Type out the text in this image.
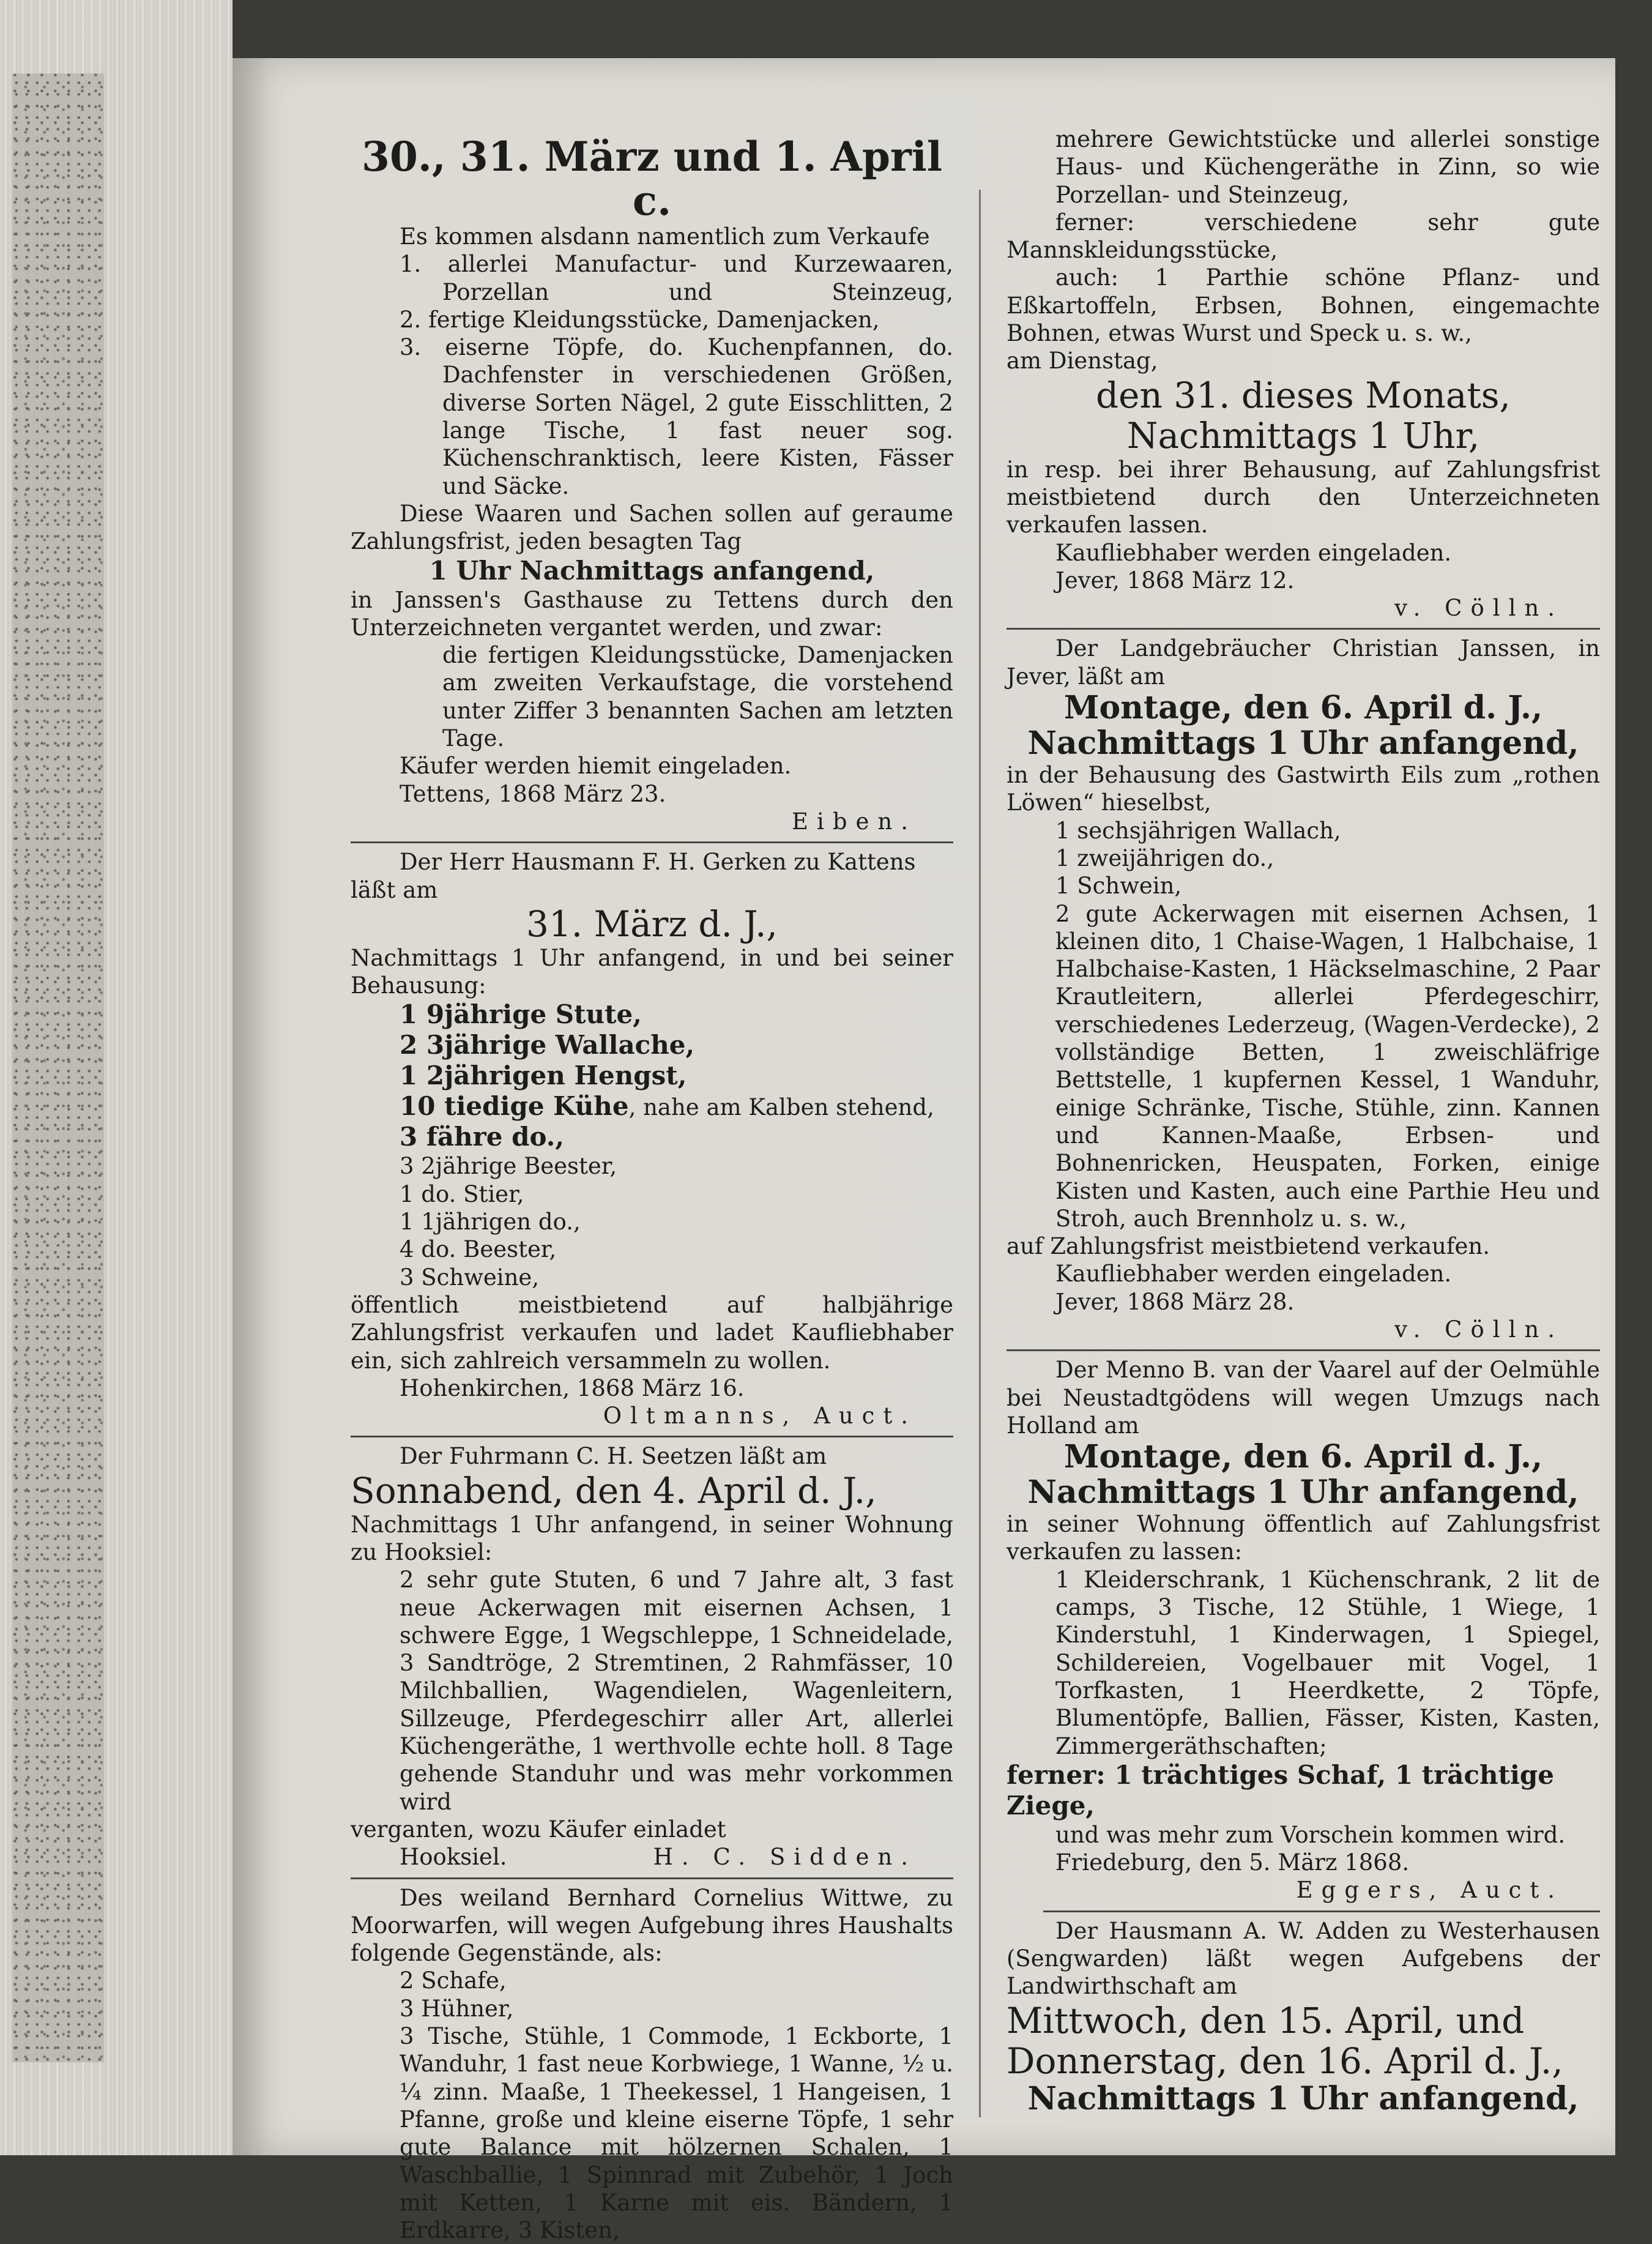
30., 31. März und 1. April c.

Es kommen alsdann namentlich zum Verkaufe

1. allerlei Manufactur- und Kurzewaaren, Porzellan und Steinzeug,

2. fertige Kleidungsstücke, Damenjacken,

3. eiserne Töpfe, do. Kuchenpfannen, do. Dachfenster in verschiedenen Größen, diverse Sorten Nägel, 2 gute Eisschlitten, 2 lange Tische, 1 fast neuer sog. Küchenschranktisch, leere Kisten, Fässer und Säcke.

Diese Waaren und Sachen sollen auf geraume Zahlungsfrist, jeden besagten Tag

1 Uhr Nachmittags anfangend,

in Janssen's Gasthause zu Tettens durch den Unterzeichneten vergantet werden, und zwar:

die fertigen Kleidungsstücke, Damenjacken am zweiten Verkaufstage, die vorstehend unter Ziffer 3 benannten Sachen am letzten Tage.

Käufer werden hiemit eingeladen.

Tettens, 1868 März 23.

Eiben.

Der Herr Hausmann F. H. Gerken zu Kattens

läßt am

31. März d. J.,

Nachmittags 1 Uhr anfangend, in und bei seiner Behausung:

1 9jährige Stute,

2 3jährige Wallache,

1 2jährigen Hengst,

10 tiedige Kühe, nahe am Kalben stehend,

3 fähre do.,

3 2jährige Beester,

1 do. Stier,

1 1jährigen do.,

4 do. Beester,

3 Schweine,

öffentlich meistbietend auf halbjährige Zahlungsfrist verkaufen und ladet Kaufliebhaber ein, sich zahlreich versammeln zu wollen.

Hohenkirchen, 1868 März 16.

Oltmanns, Auct.

Der Fuhrmann C. H. Seetzen läßt am

Sonnabend, den 4. April d. J.,

Nachmittags 1 Uhr anfangend, in seiner Wohnung zu Hooksiel:

2 sehr gute Stuten, 6 und 7 Jahre alt, 3 fast neue Ackerwagen mit eisernen Achsen, 1 schwere Egge, 1 Wegschleppe, 1 Schneidelade, 3 Sandtröge, 2 Stremtinen, 2 Rahmfässer, 10 Milchballien, Wagendielen, Wagenleitern, Sillzeuge, Pferdegeschirr aller Art, allerlei Küchengeräthe, 1 werthvolle echte holl. 8 Tage gehende Standuhr und was mehr vorkommen wird

verganten, wozu Käufer einladet

Hooksiel.	H. C. Sidden.

Des weiland Bernhard Cornelius Wittwe, zu Moorwarfen, will wegen Aufgebung ihres Haushalts folgende Gegenstände, als:

2 Schafe,

3 Hühner,

3 Tische, Stühle, 1 Commode, 1 Eckborte, 1 Wanduhr, 1 fast neue Korbwiege, 1 Wanne, ½ u. ¼ zinn. Maaße, 1 Theekessel, 1 Hangeisen, 1 Pfanne, große und kleine eiserne Töpfe, 1 sehr gute Balance mit hölzernen Schalen, 1 Waschballie, 1 Spinnrad mit Zubehör, 1 Joch mit Ketten, 1 Karne mit eis. Bändern, 1 Erdkarre, 3 Kisten,

mehrere Gewichtstücke und allerlei sonstige Haus- und Küchengeräthe in Zinn, so wie Porzellan- und Steinzeug,

ferner: verschiedene sehr gute Mannskleidungsstücke,

auch: 1 Parthie schöne Pflanz- und Eßkartoffeln, Erbsen, Bohnen, eingemachte Bohnen, etwas Wurst und Speck u. s. w.,

am Dienstag,

den 31. dieses Monats,

Nachmittags 1 Uhr,

in resp. bei ihrer Behausung, auf Zahlungsfrist meistbietend durch den Unterzeichneten verkaufen lassen.

Kaufliebhaber werden eingeladen.

Jever, 1868 März 12.

v. Cölln.

Der Landgebräucher Christian Janssen, in Jever, läßt am

Montage, den 6. April d. J.,

Nachmittags 1 Uhr anfangend,

in der Behausung des Gastwirth Eils zum „rothen Löwen“ hieselbst,

1 sechsjährigen Wallach,

1 zweijährigen do.,

1 Schwein,

2 gute Ackerwagen mit eisernen Achsen, 1 kleinen dito, 1 Chaise-Wagen, 1 Halbchaise, 1 Halbchaise-Kasten, 1 Häckselmaschine, 2 Paar Krautleitern, allerlei Pferdegeschirr, verschiedenes Lederzeug, (Wagen-Verdecke), 2 vollständige Betten, 1 zweischläfrige Bettstelle, 1 kupfernen Kessel, 1 Wanduhr, einige Schränke, Tische, Stühle, zinn. Kannen und Kannen-Maaße, Erbsen- und Bohnenricken, Heuspaten, Forken, einige Kisten und Kasten, auch eine Parthie Heu und Stroh, auch Brennholz u. s. w.,

auf Zahlungsfrist meistbietend verkaufen.

Kaufliebhaber werden eingeladen.

Jever, 1868 März 28.

v. Cölln.

Der Menno B. van der Vaarel auf der Oelmühle bei Neustadtgödens will wegen Umzugs nach Holland am

Montage, den 6. April d. J.,

Nachmittags 1 Uhr anfangend,

in seiner Wohnung öffentlich auf Zahlungsfrist verkaufen zu lassen:

1 Kleiderschrank, 1 Küchenschrank, 2 lit de camps, 3 Tische, 12 Stühle, 1 Wiege, 1 Kinderstuhl, 1 Kinderwagen, 1 Spiegel, Schildereien, Vogelbauer mit Vogel, 1 Torfkasten, 1 Heerdkette, 2 Töpfe, Blumentöpfe, Ballien, Fässer, Kisten, Kasten, Zimmergeräthschaften;

ferner: 1 trächtiges Schaf, 1 trächtige Ziege,

und was mehr zum Vorschein kommen wird.

Friedeburg, den 5. März 1868.

Eggers, Auct.

Der Hausmann A. W. Adden zu Westerhausen (Sengwarden) läßt wegen Aufgebens der Landwirthschaft am

Mittwoch, den 15. April, und Donnerstag, den 16. April d. J.,

Nachmittags 1 Uhr anfangend,
